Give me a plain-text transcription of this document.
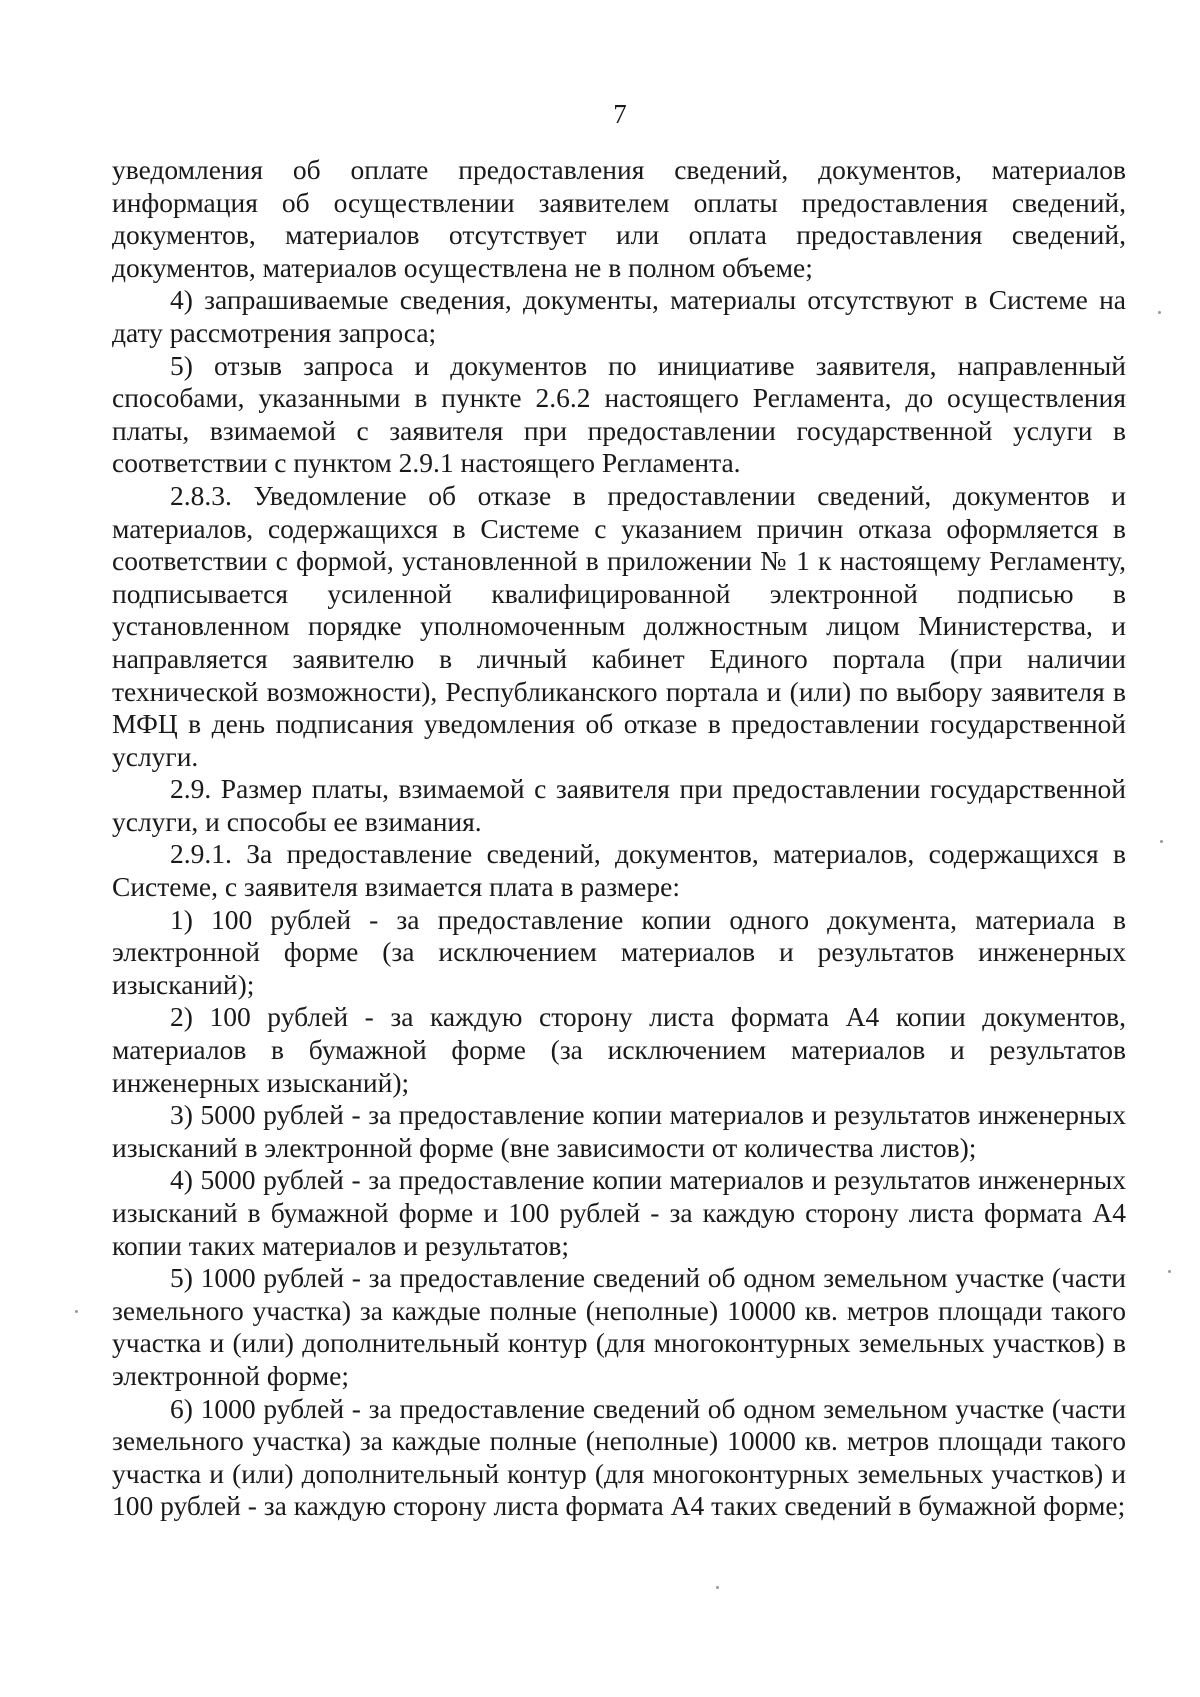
7

уведомления об оплате предоставления сведений, документов, материалов информация об осуществлении заявителем оплаты предоставления сведений, документов, материалов отсутствует или оплата предоставления сведений, документов, материалов осуществлена не в полном объеме;

4) запрашиваемые сведения, документы, материалы отсутствуют в Системе на дату рассмотрения запроса;

5) отзыв запроса и документов по инициативе заявителя, направленный способами, указанными в пункте 2.6.2 настоящего Регламента, до осуществления платы, взимаемой с заявителя при предоставлении государственной услуги в соответствии с пунктом 2.9.1 настоящего Регламента.

2.8.3. Уведомление об отказе в предоставлении сведений, документов и материалов, содержащихся в Системе с указанием причин отказа оформляется в соответствии с формой, установленной в приложении № 1 к настоящему Регламенту, подписывается усиленной квалифицированной электронной подписью в установленном порядке уполномоченным должностным лицом Министерства, и направляется заявителю в личный кабинет Единого портала (при наличии технической возможности), Республиканского портала и (или) по выбору заявителя в МФЦ в день подписания уведомления об отказе в предоставлении государственной услуги.

2.9. Размер платы, взимаемой с заявителя при предоставлении государственной услуги, и способы ее взимания.

2.9.1. За предоставление сведений, документов, материалов, содержащихся в Системе, с заявителя взимается плата в размере:

1) 100 рублей - за предоставление копии одного документа, материала в электронной форме (за исключением материалов и результатов инженерных изысканий);

2) 100 рублей - за каждую сторону листа формата А4 копии документов, материалов в бумажной форме (за исключением материалов и результатов инженерных изысканий);

3) 5000 рублей - за предоставление копии материалов и результатов инженерных изысканий в электронной форме (вне зависимости от количества листов);

4) 5000 рублей - за предоставление копии материалов и результатов инженерных изысканий в бумажной форме и 100 рублей - за каждую сторону листа формата А4 копии таких материалов и результатов;

5) 1000 рублей - за предоставление сведений об одном земельном участке (части земельного участка) за каждые полные (неполные) 10000 кв. метров площади такого участка и (или) дополнительный контур (для многоконтурных земельных участков) в электронной форме;

6) 1000 рублей - за предоставление сведений об одном земельном участке (части земельного участка) за каждые полные (неполные) 10000 кв. метров площади такого участка и (или) дополнительный контур (для многоконтурных земельных участков) и 100 рублей - за каждую сторону листа формата А4 таких сведений в бумажной форме;
